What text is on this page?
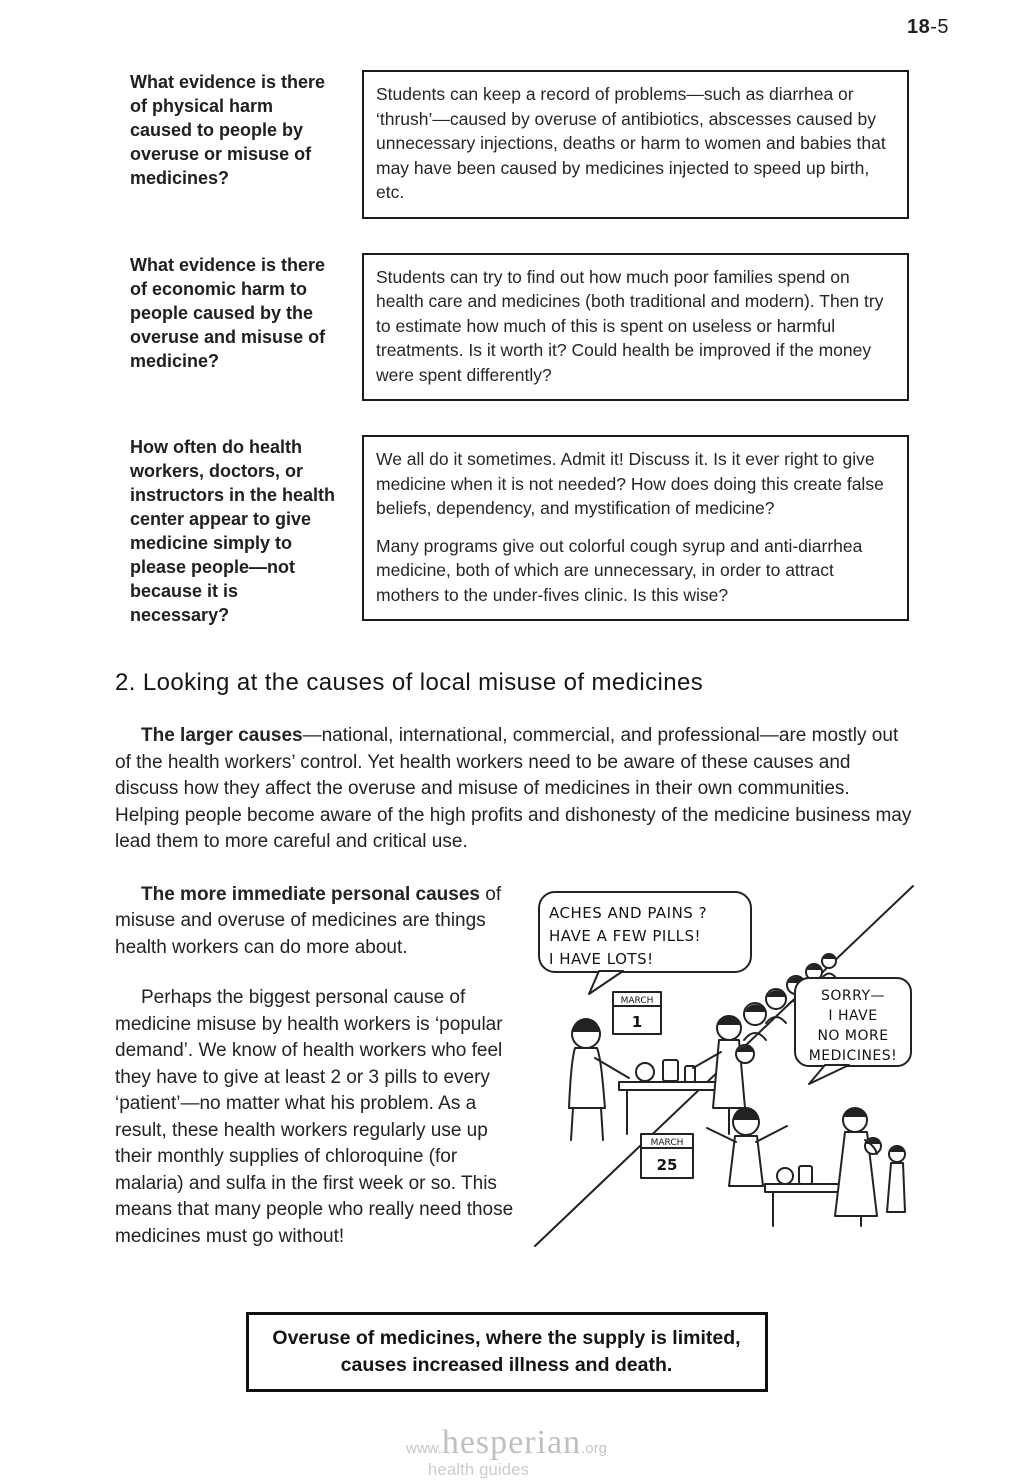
18-5
What evidence is there of physical harm caused to people by overuse or misuse of medicines?

Students can keep a record of problems—such as diarrhea or ‘thrush’—caused by overuse of antibiotics, abscesses caused by unnecessary injections, deaths or harm to women and babies that may have been caused by medicines injected to speed up birth, etc.

What evidence is there of economic harm to people caused by the overuse and misuse of medicine?

Students can try to find out how much poor families spend on health care and medicines (both traditional and modern). Then try to estimate how much of this is spent on useless or harmful treatments. Is it worth it? Could health be improved if the money were spent differently?

How often do health workers, doctors, or instructors in the health center appear to give medicine simply to please people—not because it is necessary?

We all do it sometimes. Admit it! Discuss it. Is it ever right to give medicine when it is not needed? How does doing this create false beliefs, dependency, and mystification of medicine?

Many programs give out colorful cough syrup and anti-diarrhea medicine, both of which are unnecessary, in order to attract mothers to the under-fives clinic. Is this wise?

2. Looking at the causes of local misuse of medicines

The larger causes—national, international, commercial, and professional—are mostly out of the health workers’ control. Yet health workers need to be aware of these causes and discuss how they affect the overuse and misuse of medicines in their own communities. Helping people become aware of the high profits and dishonesty of the medicine business may lead them to more careful and critical use.

ACHES AND PAINS ?
HAVE A FEW PILLS!
I HAVE LOTS!
MARCH
1
SORRY—
I HAVE
NO MORE
MEDICINES!
MARCH
25

The more immediate personal causes of misuse and overuse of medicines are things health workers can do more about.

Perhaps the biggest personal cause of medicine misuse by health workers is ‘popular demand’. We know of health workers who feel they have to give at least 2 or 3 pills to every ‘patient’—no matter what his problem. As a result, these health workers regularly use up their monthly supplies of chloroquine (for malaria) and sulfa in the first week or so. This means that many people who really need those medicines must go without!

Overuse of medicines, where the supply is limited,
causes increased illness and death.
www.hesperian.org
health guides
